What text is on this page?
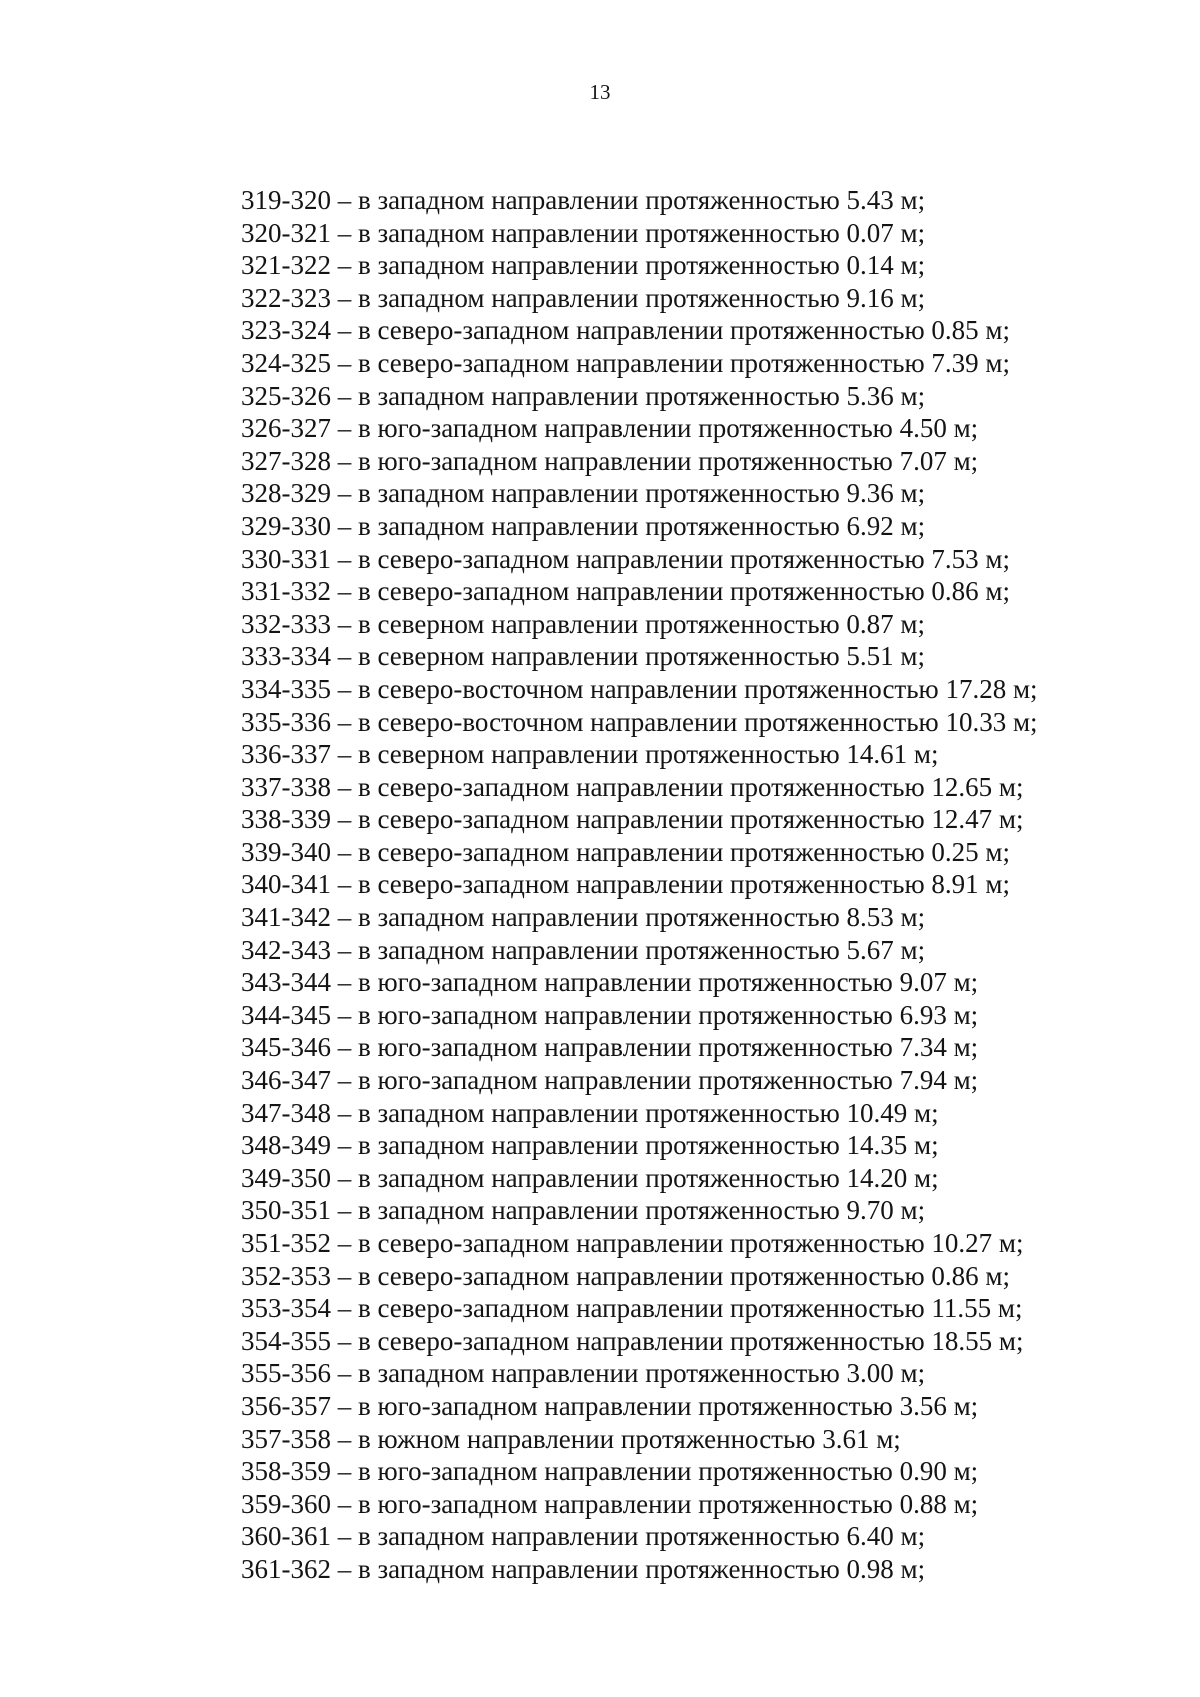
13
319-320 – в западном направлении протяженностью 5.43 м;
320-321 – в западном направлении протяженностью 0.07 м;
321-322 – в западном направлении протяженностью 0.14 м;
322-323 – в западном направлении протяженностью 9.16 м;
323-324 – в северо-западном направлении протяженностью 0.85 м;
324-325 – в северо-западном направлении протяженностью 7.39 м;
325-326 – в западном направлении протяженностью 5.36 м;
326-327 – в юго-западном направлении протяженностью 4.50 м;
327-328 – в юго-западном направлении протяженностью 7.07 м;
328-329 – в западном направлении протяженностью 9.36 м;
329-330 – в западном направлении протяженностью 6.92 м;
330-331 – в северо-западном направлении протяженностью 7.53 м;
331-332 – в северо-западном направлении протяженностью 0.86 м;
332-333 – в северном направлении протяженностью 0.87 м;
333-334 – в северном направлении протяженностью 5.51 м;
334-335 – в северо-восточном направлении протяженностью 17.28 м;
335-336 – в северо-восточном направлении протяженностью 10.33 м;
336-337 – в северном направлении протяженностью 14.61 м;
337-338 – в северо-западном направлении протяженностью 12.65 м;
338-339 – в северо-западном направлении протяженностью 12.47 м;
339-340 – в северо-западном направлении протяженностью 0.25 м;
340-341 – в северо-западном направлении протяженностью 8.91 м;
341-342 – в западном направлении протяженностью 8.53 м;
342-343 – в западном направлении протяженностью 5.67 м;
343-344 – в юго-западном направлении протяженностью 9.07 м;
344-345 – в юго-западном направлении протяженностью 6.93 м;
345-346 – в юго-западном направлении протяженностью 7.34 м;
346-347 – в юго-западном направлении протяженностью 7.94 м;
347-348 – в западном направлении протяженностью 10.49 м;
348-349 – в западном направлении протяженностью 14.35 м;
349-350 – в западном направлении протяженностью 14.20 м;
350-351 – в западном направлении протяженностью 9.70 м;
351-352 – в северо-западном направлении протяженностью 10.27 м;
352-353 – в северо-западном направлении протяженностью 0.86 м;
353-354 – в северо-западном направлении протяженностью 11.55 м;
354-355 – в северо-западном направлении протяженностью 18.55 м;
355-356 – в западном направлении протяженностью 3.00 м;
356-357 – в юго-западном направлении протяженностью 3.56 м;
357-358 – в южном направлении протяженностью 3.61 м;
358-359 – в юго-западном направлении протяженностью 0.90 м;
359-360 – в юго-западном направлении протяженностью 0.88 м;
360-361 – в западном направлении протяженностью 6.40 м;
361-362 – в западном направлении протяженностью 0.98 м;
